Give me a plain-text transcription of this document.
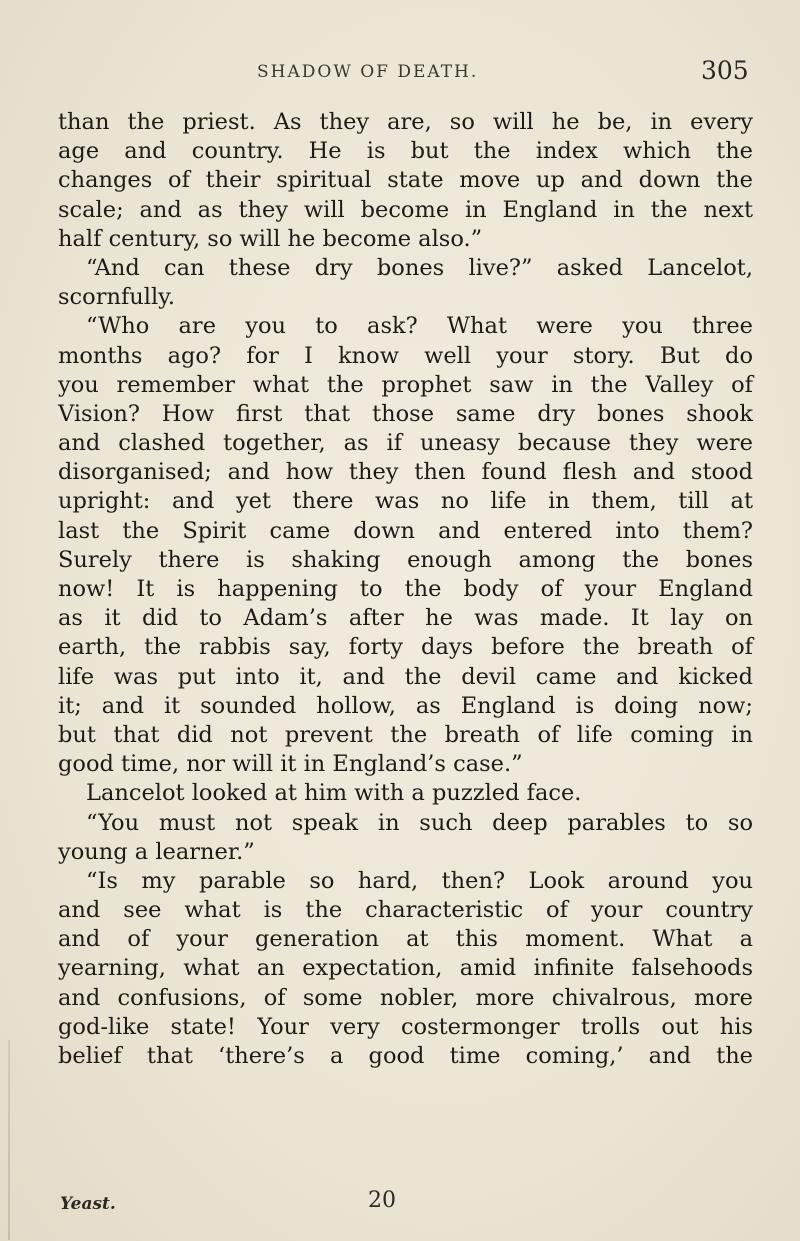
SHADOW OF DEATH.	305
than the priest. As they are, so will he be, in every
age and country. He is but the index which the
changes of their spiritual state move up and down the
scale; and as they will become in England in the next
half century, so will he become also.”
“And can these dry bones live?” asked Lancelot,
scornfully.
“Who are you to ask? What were you three
months ago? for I know well your story. But do
you remember what the prophet saw in the Valley of
Vision? How first that those same dry bones shook
and clashed together, as if uneasy because they were
disorganised; and how they then found flesh and stood
upright: and yet there was no life in them, till at
last the Spirit came down and entered into them?
Surely there is shaking enough among the bones
now! It is happening to the body of your England
as it did to Adam’s after he was made. It lay on
earth, the rabbis say, forty days before the breath of
life was put into it, and the devil came and kicked
it; and it sounded hollow, as England is doing now;
but that did not prevent the breath of life coming in
good time, nor will it in England’s case.”
Lancelot looked at him with a puzzled face.
“You must not speak in such deep parables to so
young a learner.”
“Is my parable so hard, then? Look around you
and see what is the characteristic of your country
and of your generation at this moment. What a
yearning, what an expectation, amid infinite falsehoods
and confusions, of some nobler, more chivalrous, more
god-like state! Your very costermonger trolls out his
belief that ‘there’s a good time coming,’ and the
Yeast.	20
